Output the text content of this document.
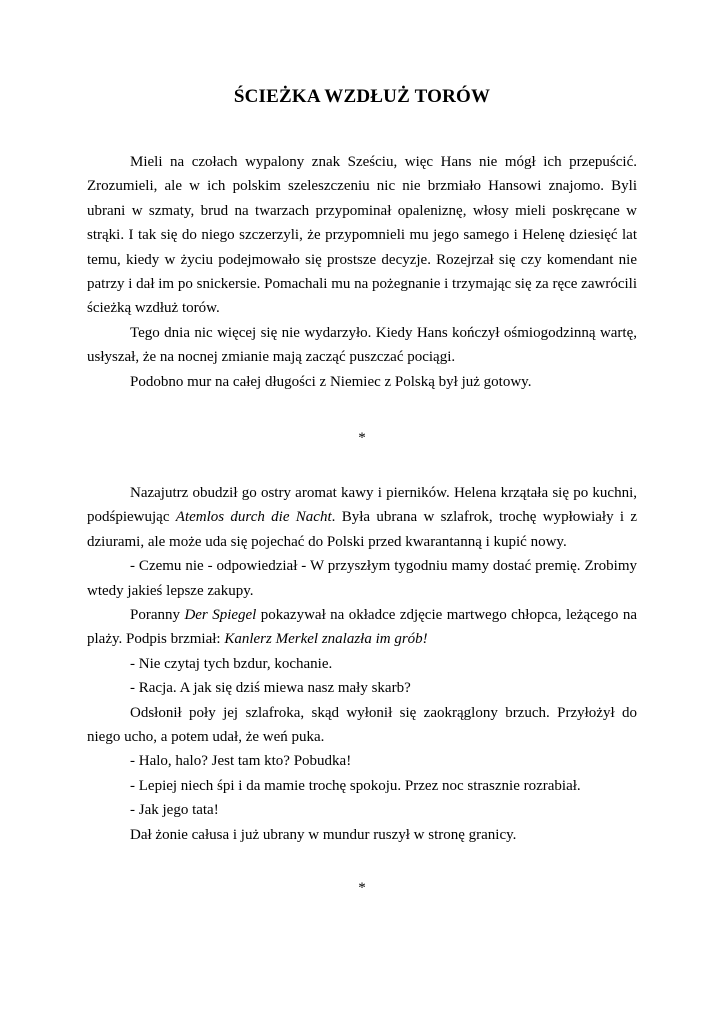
ŚCIEŻKA WZDŁUŻ TORÓW

Mieli na czołach wypalony znak Sześciu, więc Hans nie mógł ich przepuścić. Zrozumieli, ale w ich polskim szeleszczeniu nic nie brzmiało Hansowi znajomo. Byli ubrani w szmaty, brud na twarzach przypominał opaleniznę, włosy mieli poskręcane w strąki. I tak się do niego szczerzyli, że przypomnieli mu jego samego i Helenę dziesięć lat temu, kiedy w życiu podejmowało się prostsze decyzje. Rozejrzał się czy komendant nie patrzy i dał im po snickersie. Pomachali mu na pożegnanie i trzymając się za ręce zawrócili ścieżką wzdłuż torów.

Tego dnia nic więcej się nie wydarzyło. Kiedy Hans kończył ośmiogodzinną wartę, usłyszał, że na nocnej zmianie mają zacząć puszczać pociągi.

Podobno mur na całej długości z Niemiec z Polską był już gotowy.

*

Nazajutrz obudził go ostry aromat kawy i pierników. Helena krzątała się po kuchni, podśpiewując Atemlos durch die Nacht. Była ubrana w szlafrok, trochę wypłowiały i z dziurami, ale może uda się pojechać do Polski przed kwarantanną i kupić nowy.

- Czemu nie - odpowiedział - W przyszłym tygodniu mamy dostać premię. Zrobimy wtedy jakieś lepsze zakupy.

Poranny Der Spiegel pokazywał na okładce zdjęcie martwego chłopca, leżącego na plaży. Podpis brzmiał: Kanlerz Merkel znalazła im grób!

- Nie czytaj tych bzdur, kochanie.

- Racja. A jak się dziś miewa nasz mały skarb?

Odsłonił poły jej szlafroka, skąd wyłonił się zaokrąglony brzuch. Przyłożył do niego ucho, a potem udał, że weń puka.

- Halo, halo? Jest tam kto? Pobudka!

- Lepiej niech śpi i da mamie trochę spokoju. Przez noc strasznie rozrabiał.

- Jak jego tata!

Dał żonie całusa i już ubrany w mundur ruszył w stronę granicy.

*
